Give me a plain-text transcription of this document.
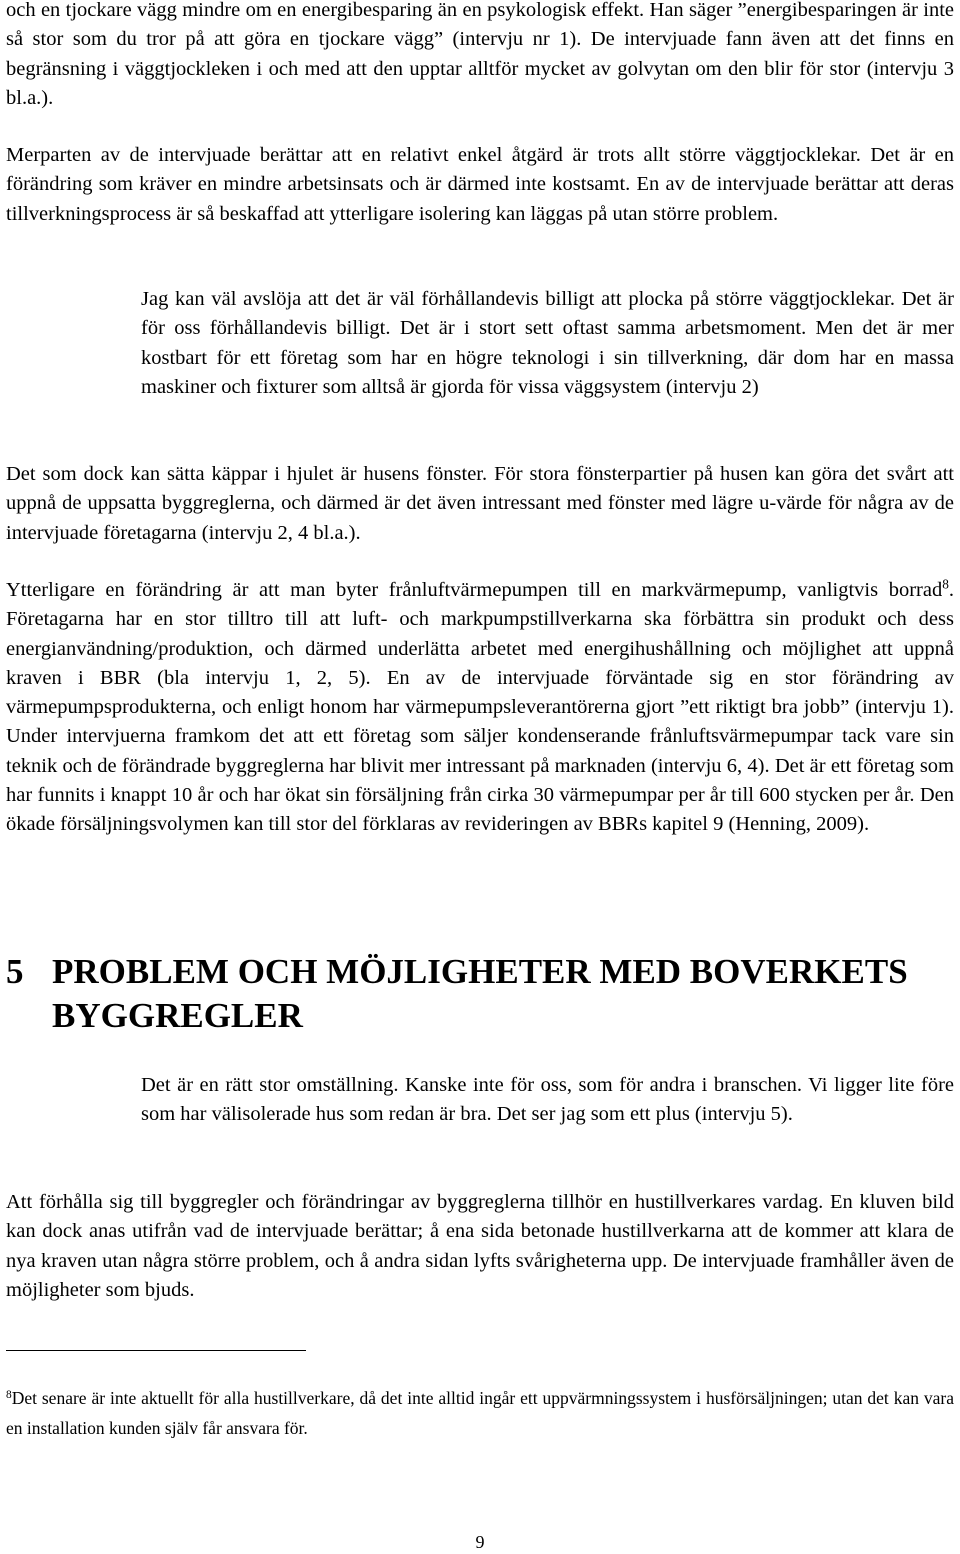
och en tjockare vägg mindre om en energibesparing än en psykologisk effekt. Han säger ”energibesparingen är inte så stor som du tror på att göra en tjockare vägg” (intervju nr 1). De intervjuade fann även att det finns en begränsning i väggtjockleken i och med att den upptar alltför mycket av golvytan om den blir för stor (intervju 3 bl.a.).

Merparten av de intervjuade berättar att en relativt enkel åtgärd är trots allt större väggtjocklekar. Det är en förändring som kräver en mindre arbetsinsats och är därmed inte kostsamt. En av de intervjuade berättar att deras tillverkningsprocess är så beskaffad att ytterligare isolering kan läggas på utan större problem.

Jag kan väl avslöja att det är väl förhållandevis billigt att plocka på större väggtjocklekar. Det är för oss förhållandevis billigt. Det är i stort sett oftast samma arbetsmoment. Men det är mer kostbart för ett företag som har en högre teknologi i sin tillverkning, där dom har en massa maskiner och fixturer som alltså är gjorda för vissa väggsystem (intervju 2)

Det som dock kan sätta käppar i hjulet är husens fönster. För stora fönsterpartier på husen kan göra det svårt att uppnå de uppsatta byggreglerna, och därmed är det även intressant med fönster med lägre u-värde för några av de intervjuade företagarna (intervju 2, 4 bl.a.).

Ytterligare en förändring är att man byter frånluftvärmepumpen till en markvärmepump, vanligtvis borrad$^8$. Företagarna har en stor tilltro till att luft- och markpumpstillverkarna ska förbättra sin produkt och dess energianvändning/produktion, och därmed underlätta arbetet med energihushållning och möjlighet att uppnå kraven i BBR (bla intervju 1, 2, 5). En av de intervjuade förväntade sig en stor förändring av värmepumpsprodukterna, och enligt honom har värmepumpsleverantörerna gjort ”ett riktigt bra jobb” (intervju 1). Under intervjuerna framkom det att ett företag som säljer kondenserande frånluftsvärmepumpar tack vare sin teknik och de förändrade byggreglerna har blivit mer intressant på marknaden (intervju 6, 4). Det är ett företag som har funnits i knappt 10 år och har ökat sin försäljning från cirka 30 värmepumpar per år till 600 stycken per år. Den ökade försäljningsvolymen kan till stor del förklaras av revideringen av BBRs kapitel 9 (Henning, 2009).

5 PROBLEM OCH MÖJLIGHETER MED BOVERKETS BYGGREGLER

Det är en rätt stor omställning. Kanske inte för oss, som för andra i branschen. Vi ligger lite före som har välisolerade hus som redan är bra. Det ser jag som ett plus (intervju 5).

Att förhålla sig till byggregler och förändringar av byggreglerna tillhör en hustillverkares vardag. En kluven bild kan dock anas utifrån vad de intervjuade berättar; å ena sida betonade hustillverkarna att de kommer att klara de nya kraven utan några större problem, och å andra sidan lyfts svårigheterna upp. De intervjuade framhåller även de möjligheter som bjuds.

$^8$Det senare är inte aktuellt för alla hustillverkare, då det inte alltid ingår ett uppvärmningssystem i husförsäljningen; utan det kan vara en installation kunden själv får ansvara för.

9
